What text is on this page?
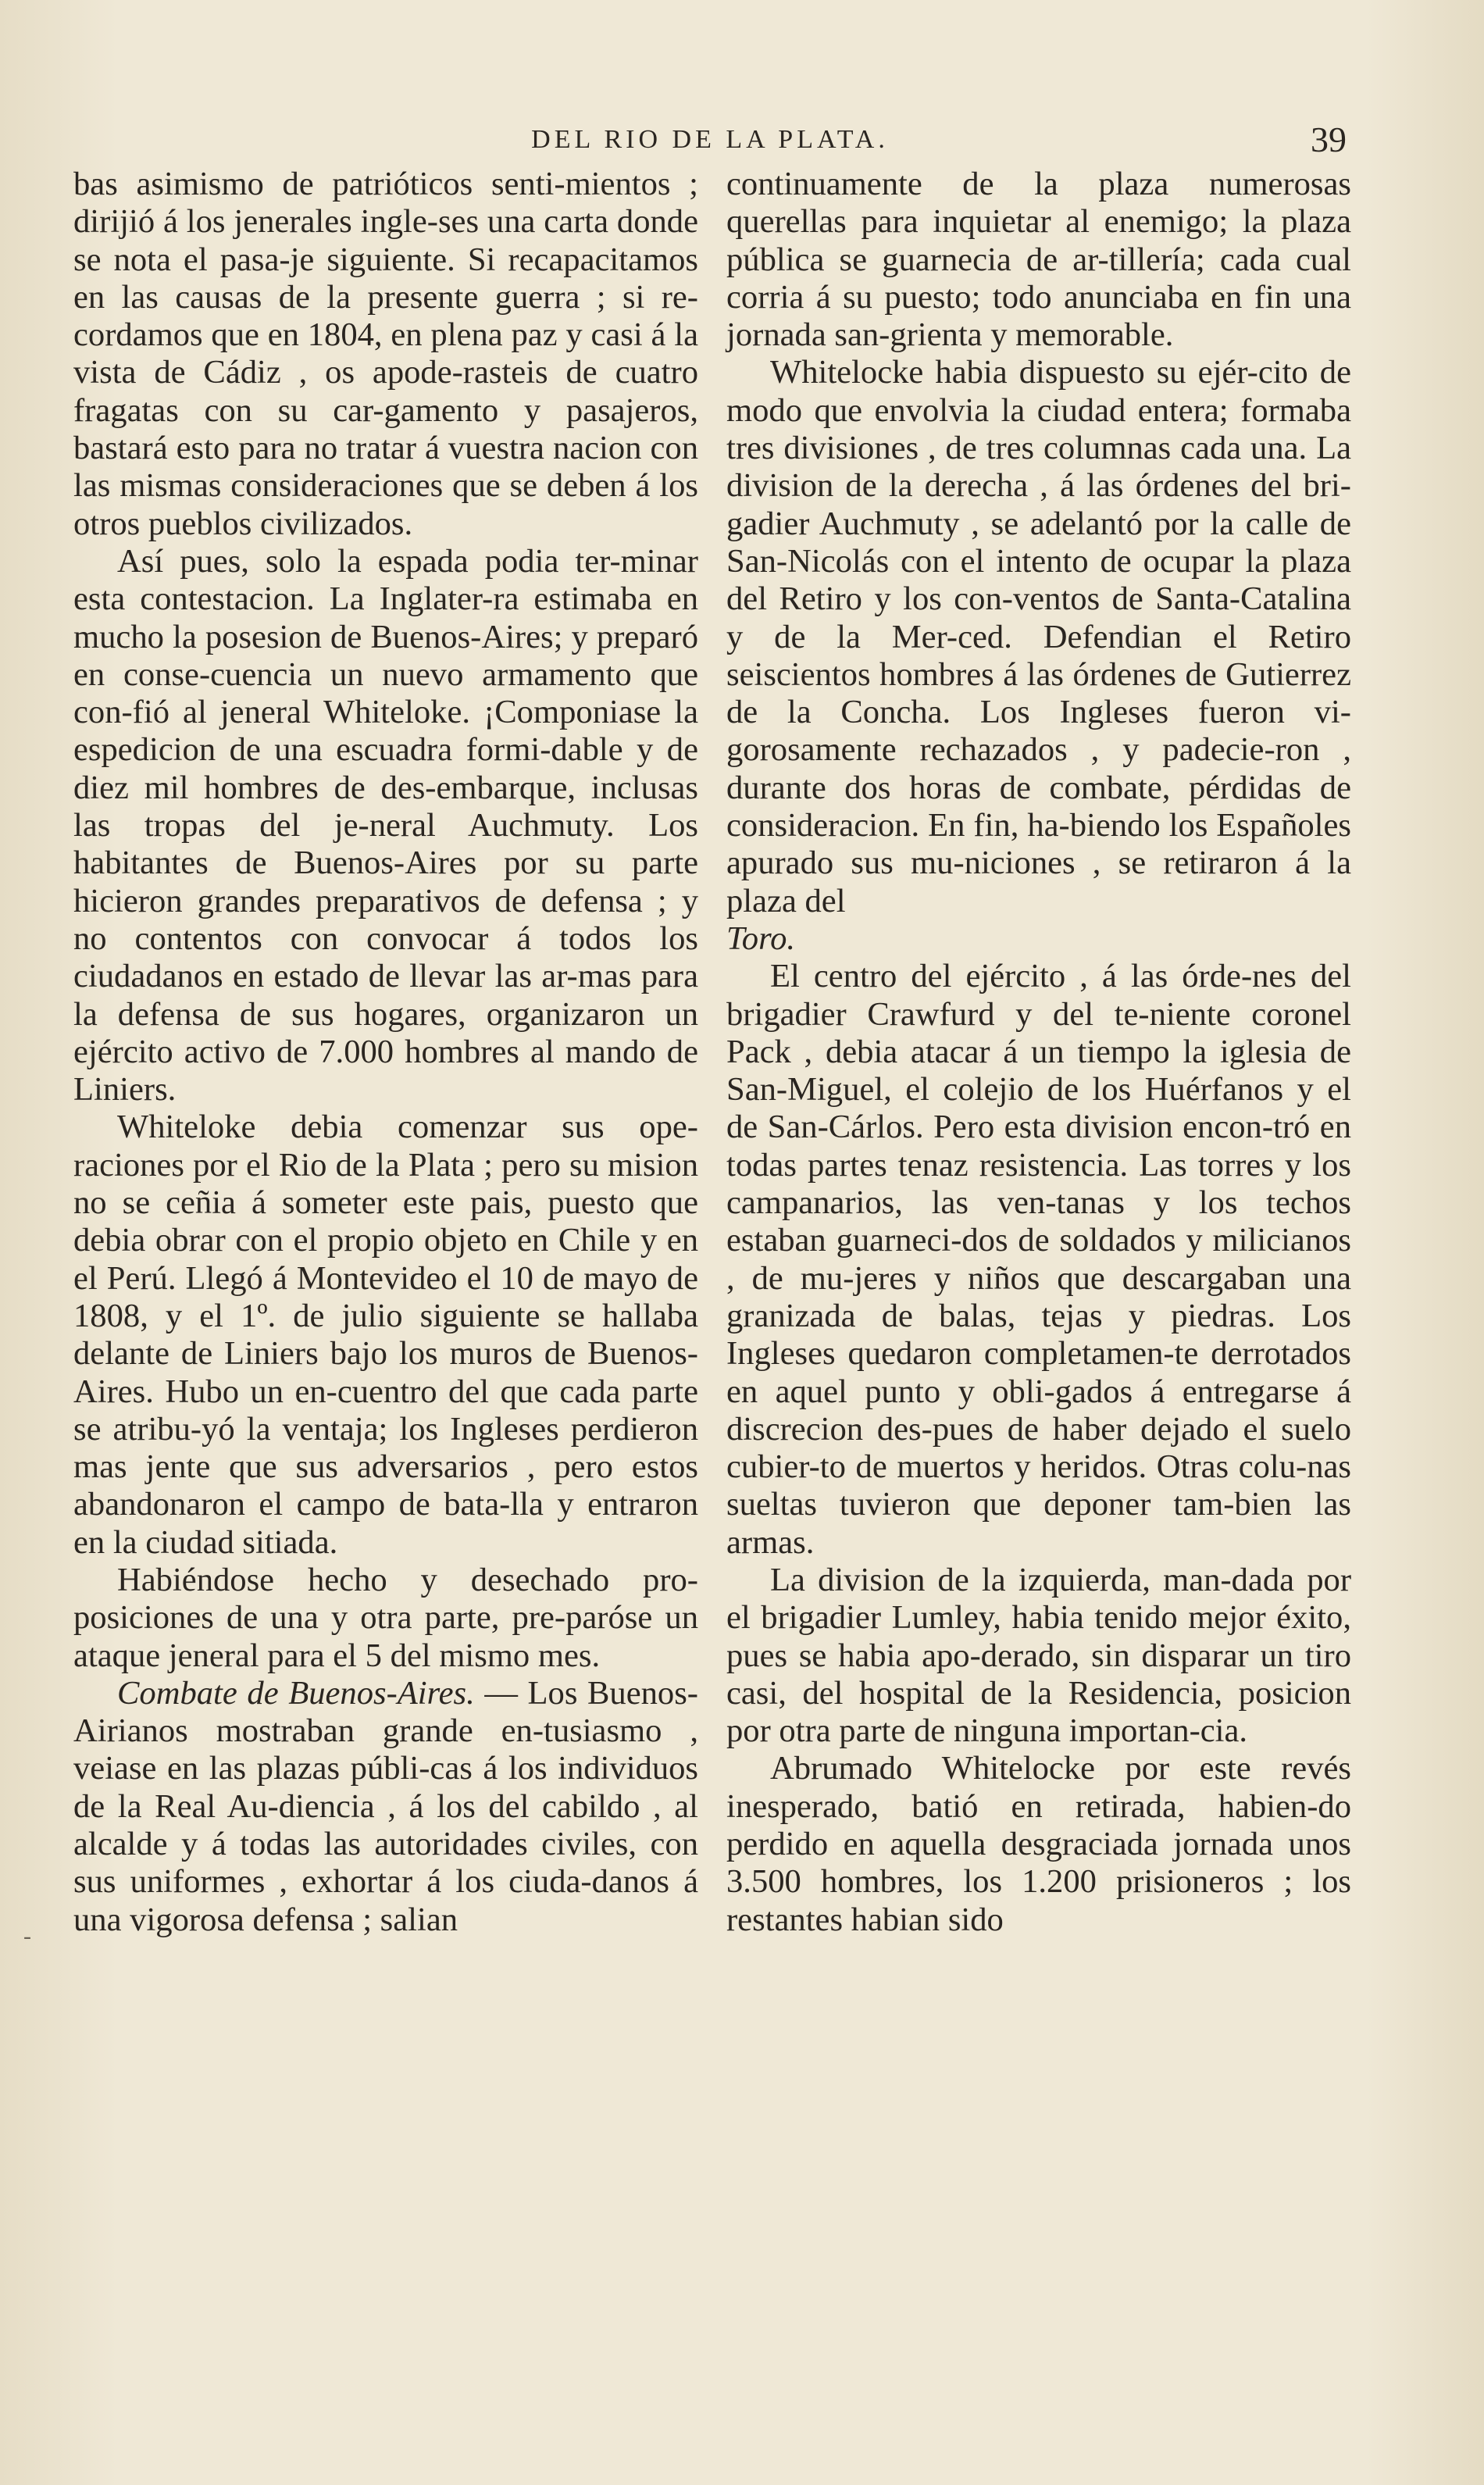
DEL RIO DE LA PLATA.	39

bas asimismo de patrióticos senti-mientos ; dirijió á los jenerales ingle-ses una carta donde se nota el pasa-je siguiente. Si recapacitamos en las causas de la presente guerra ; si re-cordamos que en 1804, en plena paz y casi á la vista de Cádiz , os apode-rasteis de cuatro fragatas con su car-gamento y pasajeros, bastará esto para no tratar á vuestra nacion con las mismas consideraciones que se deben á los otros pueblos civilizados.

Así pues, solo la espada podia ter-minar esta contestacion. La Inglater-ra estimaba en mucho la posesion de Buenos-Aires; y preparó en conse-cuencia un nuevo armamento que con-fió al jeneral Whiteloke. ¡Componiase la espedicion de una escuadra formi-dable y de diez mil hombres de des-embarque, inclusas las tropas del je-neral Auchmuty. Los habitantes de Buenos-Aires por su parte hicieron grandes preparativos de defensa ; y no contentos con convocar á todos los ciudadanos en estado de llevar las ar-mas para la defensa de sus hogares, organizaron un ejército activo de 7.000 hombres al mando de Liniers.

Whiteloke debia comenzar sus ope-raciones por el Rio de la Plata ; pero su mision no se ceñia á someter este pais, puesto que debia obrar con el propio objeto en Chile y en el Perú. Llegó á Montevideo el 10 de mayo de 1808, y el 1º. de julio siguiente se hallaba delante de Liniers bajo los muros de Buenos-Aires. Hubo un en-cuentro del que cada parte se atribu-yó la ventaja; los Ingleses perdieron mas jente que sus adversarios , pero estos abandonaron el campo de bata-lla y entraron en la ciudad sitiada.

Habiéndose hecho y desechado pro-posiciones de una y otra parte, pre-paróse un ataque jeneral para el 5 del mismo mes.

Combate de Buenos-Aires. — Los Buenos-Airianos mostraban grande en-tusiasmo , veiase en las plazas públi-cas á los individuos de la Real Au-diencia , á los del cabildo , al alcalde y á todas las autoridades civiles, con sus uniformes , exhortar á los ciuda-danos á una vigorosa defensa ; salian

continuamente de la plaza numerosas querellas para inquietar al enemigo; la plaza pública se guarnecia de ar-tillería; cada cual corria á su puesto; todo anunciaba en fin una jornada san-grienta y memorable.

Whitelocke habia dispuesto su ejér-cito de modo que envolvia la ciudad entera; formaba tres divisiones , de tres columnas cada una. La division de la derecha , á las órdenes del bri-gadier Auchmuty , se adelantó por la calle de San-Nicolás con el intento de ocupar la plaza del Retiro y los con-ventos de Santa-Catalina y de la Mer-ced. Defendian el Retiro seiscientos hombres á las órdenes de Gutierrez de la Concha. Los Ingleses fueron vi-gorosamente rechazados , y padecie-ron , durante dos horas de combate, pérdidas de consideracion. En fin, ha-biendo los Españoles apurado sus mu-niciones , se retiraron á la plaza del

Toro.

El centro del ejército , á las órde-nes del brigadier Crawfurd y del te-niente coronel Pack , debia atacar á un tiempo la iglesia de San-Miguel, el colejio de los Huérfanos y el de San-Cárlos. Pero esta division encon-tró en todas partes tenaz resistencia. Las torres y los campanarios, las ven-tanas y los techos estaban guarneci-dos de soldados y milicianos , de mu-jeres y niños que descargaban una granizada de balas, tejas y piedras. Los Ingleses quedaron completamen-te derrotados en aquel punto y obli-gados á entregarse á discrecion des-pues de haber dejado el suelo cubier-to de muertos y heridos. Otras colu-nas sueltas tuvieron que deponer tam-bien las armas.

La division de la izquierda, man-dada por el brigadier Lumley, habia tenido mejor éxito, pues se habia apo-derado, sin disparar un tiro casi, del hospital de la Residencia, posicion por otra parte de ninguna importan-cia.

Abrumado Whitelocke por este revés inesperado, batió en retirada, habien-do perdido en aquella desgraciada jornada unos 3.500 hombres, los 1.200 prisioneros ; los restantes habian sido

-
